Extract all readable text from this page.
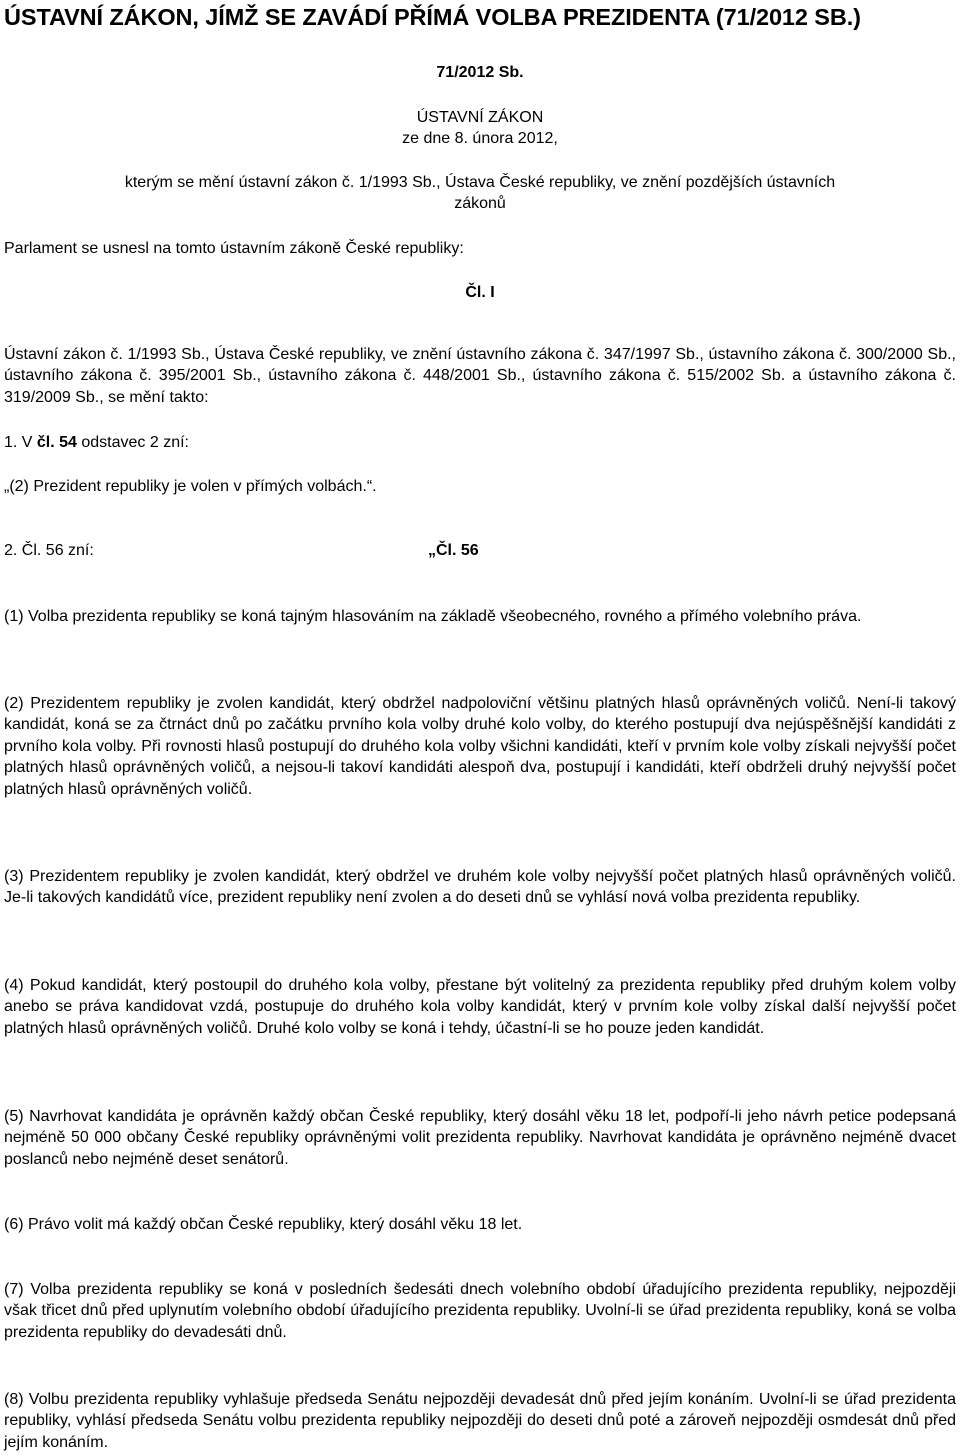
ÚSTAVNÍ ZÁKON, JÍMŽ SE ZAVÁDÍ PŘÍMÁ VOLBA PREZIDENTA (71/2012 SB.)

71/2012 Sb.

ÚSTAVNÍ ZÁKON

ze dne 8. února 2012,

kterým se mění ústavní zákon č. 1/1993 Sb., Ústava České republiky, ve znění pozdějších ústavních

zákonů

Parlament se usnesl na tomto ústavním zákoně České republiky:

Čl. I

Ústavní zákon č. 1/1993 Sb., Ústava České republiky, ve znění ústavního zákona č. 347/1997 Sb., ústavního zákona č. 300/2000 Sb., ústavního zákona č. 395/2001 Sb., ústavního zákona č. 448/2001 Sb., ústavního zákona č. 515/2002 Sb. a ústavního zákona č. 319/2009 Sb., se mění takto:

1. V čl. 54 odstavec 2 zní:

„(2) Prezident republiky je volen v přímých volbách.“.

2. Čl. 56 zní:	„Čl. 56

(1) Volba prezidenta republiky se koná tajným hlasováním na základě všeobecného, rovného a přímého volebního práva.

(2) Prezidentem republiky je zvolen kandidát, který obdržel nadpoloviční většinu platných hlasů oprávněných voličů. Není-li takový kandidát, koná se za čtrnáct dnů po začátku prvního kola volby druhé kolo volby, do kterého postupují dva nejúspěšnější kandidáti z prvního kola volby. Při rovnosti hlasů postupují do druhého kola volby všichni kandidáti, kteří v prvním kole volby získali nejvyšší počet platných hlasů oprávněných voličů, a nejsou-li takoví kandidáti alespoň dva, postupují i kandidáti, kteří obdrželi druhý nejvyšší počet platných hlasů oprávněných voličů.

(3) Prezidentem republiky je zvolen kandidát, který obdržel ve druhém kole volby nejvyšší počet platných hlasů oprávněných voličů. Je-li takových kandidátů více, prezident republiky není zvolen a do deseti dnů se vyhlásí nová volba prezidenta republiky.

(4) Pokud kandidát, který postoupil do druhého kola volby, přestane být volitelný za prezidenta republiky před druhým kolem volby anebo se práva kandidovat vzdá, postupuje do druhého kola volby kandidát, který v prvním kole volby získal další nejvyšší počet platných hlasů oprávněných voličů. Druhé kolo volby se koná i tehdy, účastní-li se ho pouze jeden kandidát.

(5) Navrhovat kandidáta je oprávněn každý občan České republiky, který dosáhl věku 18 let, podpoří-li jeho návrh petice podepsaná nejméně 50 000 občany České republiky oprávněnými volit prezidenta republiky. Navrhovat kandidáta je oprávněno nejméně dvacet poslanců nebo nejméně deset senátorů.

(6) Právo volit má každý občan České republiky, který dosáhl věku 18 let.

(7) Volba prezidenta republiky se koná v posledních šedesáti dnech volebního období úřadujícího prezidenta republiky, nejpozději však třicet dnů před uplynutím volebního období úřadujícího prezidenta republiky. Uvolní-li se úřad prezidenta republiky, koná se volba prezidenta republiky do devadesáti dnů.

(8) Volbu prezidenta republiky vyhlašuje předseda Senátu nejpozději devadesát dnů před jejím konáním. Uvolní-li se úřad prezidenta republiky, vyhlásí předseda Senátu volbu prezidenta republiky nejpozději do deseti dnů poté a zároveň nejpozději osmdesát dnů před jejím konáním.
